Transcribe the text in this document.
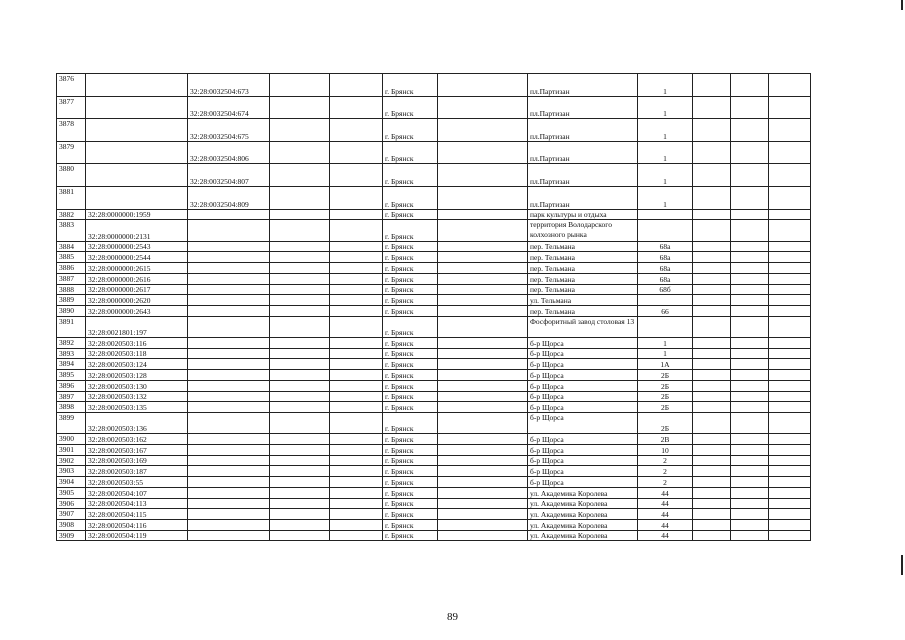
3876		32:28:0032504:673			г. Брянск		пл.Партизан	1			
3877		32:28:0032504:674			г. Брянск		пл.Партизан	1			
3878		32:28:0032504:675			г. Брянск		пл.Партизан	1			
3879		32:28:0032504:806			г. Брянск		пл.Партизан	1			
3880		32:28:0032504:807			г. Брянск		пл.Партизан	1			
3881		32:28:0032504:809			г. Брянск		пл.Партизан	1			
3882	32:28:0000000:1959				г. Брянск		парк культуры и отдыха				
3883	32:28:0000000:2131				г. Брянск		территория Володарского колхозного рынка				
3884	32:28:0000000:2543				г. Брянск		пер. Тельмана	68а			
3885	32:28:0000000:2544				г. Брянск		пер. Тельмана	68а			
3886	32:28:0000000:2615				г. Брянск		пер. Тельмана	68а			
3887	32:28:0000000:2616				г. Брянск		пер. Тельмана	68а			
3888	32:28:0000000:2617				г. Брянск		пер. Тельмана	68б			
3889	32:28:0000000:2620				г. Брянск		ул. Тельмана				
3890	32:28:0000000:2643				г. Брянск		пер. Тельмана	66			
3891	32:28:0021801:197				г. Брянск		Фосфоритный завод столовая 13				
3892	32:28:0020503:116				г. Брянск		б-р Щорса	1			
3893	32:28:0020503:118				г. Брянск		б-р Щорса	1			
3894	32:28:0020503:124				г. Брянск		б-р Щорса	1А			
3895	32:28:0020503:128				г. Брянск		б-р Щорса	2Б			
3896	32:28:0020503:130				г. Брянск		б-р Щорса	2Б			
3897	32:28:0020503:132				г. Брянск		б-р Щорса	2Б			
3898	32:28:0020503:135				г. Брянск		б-р Щорса	2Б			
3899	32:28:0020503:136				г. Брянск		б-р Щорса	2Б			
3900	32:28:0020503:162				г. Брянск		б-р Щорса	2В			
3901	32:28:0020503:167				г. Брянск		б-р Щорса	10			
3902	32:28:0020503:169				г. Брянск		б-р Щорса	2			
3903	32:28:0020503:187				г. Брянск		б-р Щорса	2			
3904	32:28:0020503:55				г. Брянск		б-р Щорса	2			
3905	32:28:0020504:107				г. Брянск		ул. Академика Королева	44			
3906	32:28:0020504:113				г. Брянск		ул. Академика Королева	44			
3907	32:28:0020504:115				г. Брянск		ул. Академика Королева	44			
3908	32:28:0020504:116				г. Брянск		ул. Академика Королева	44			
3909	32:28:0020504:119				г. Брянск		ул. Академика Королева	44			
89
